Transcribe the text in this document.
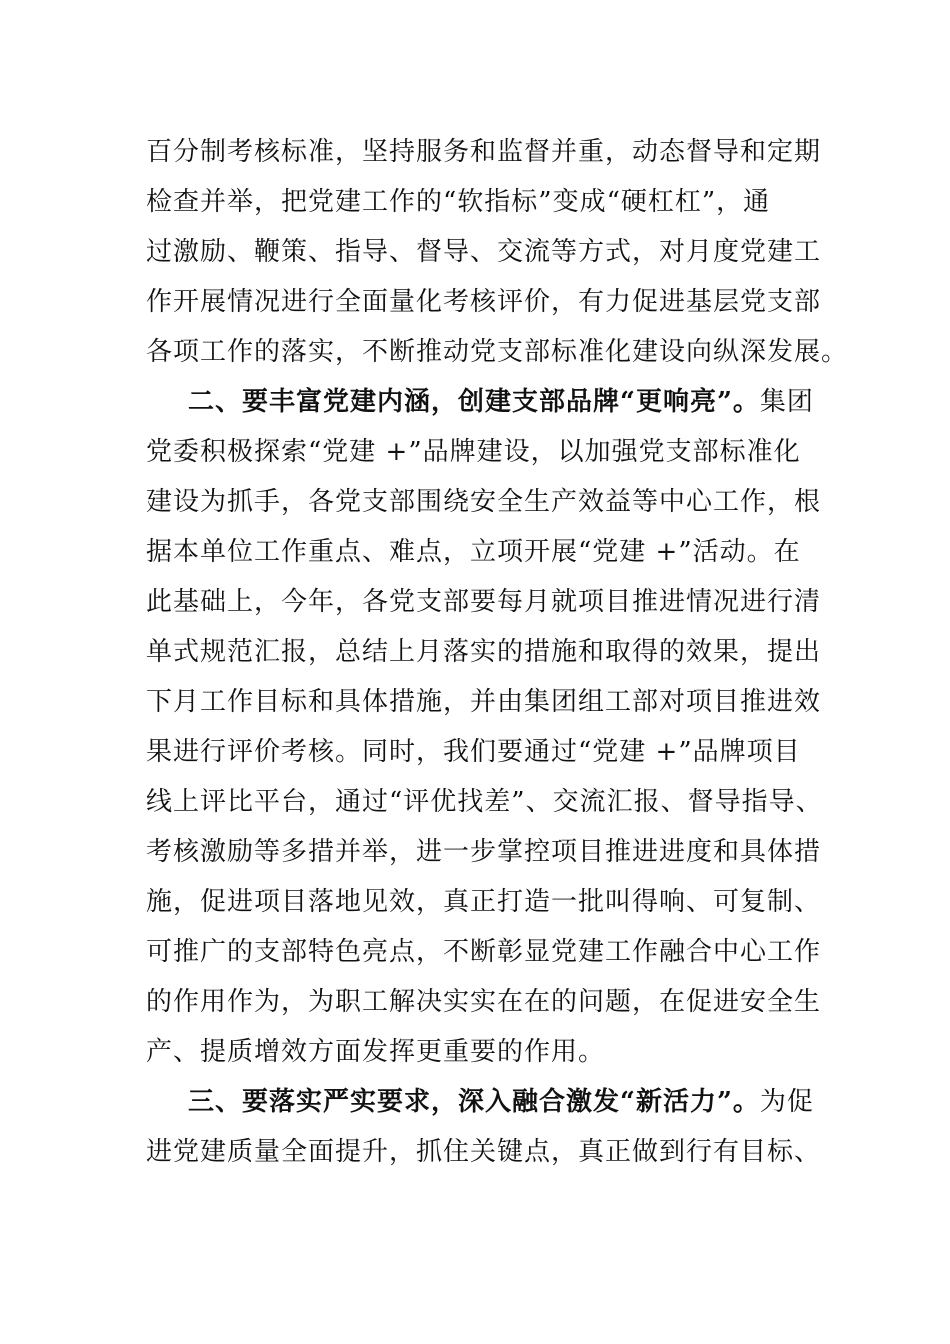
百分制考核标准，坚持服务和监督并重，动态督导和定期
检查并举，把党建工作的“软指标”变成“硬杠杠”，通
过激励、鞭策、指导、督导、交流等方式，对月度党建工
作开展情况进行全面量化考核评价，有力促进基层党支部
各项工作的落实，不断推动党支部标准化建设向纵深发展。
二、要丰富党建内涵，创建支部品牌“更响亮”。集团
党委积极探索“党建 +”品牌建设，以加强党支部标准化
建设为抓手，各党支部围绕安全生产效益等中心工作，根
据本单位工作重点、难点，立项开展“党建 +”活动。在
此基础上，今年，各党支部要每月就项目推进情况进行清
单式规范汇报，总结上月落实的措施和取得的效果，提出
下月工作目标和具体措施，并由集团组工部对项目推进效
果进行评价考核。同时，我们要通过“党建 +”品牌项目
线上评比平台，通过“评优找差”、交流汇报、督导指导、
考核激励等多措并举，进一步掌控项目推进进度和具体措
施，促进项目落地见效，真正打造一批叫得响、可复制、
可推广的支部特色亮点，不断彰显党建工作融合中心工作
的作用作为，为职工解决实实在在的问题，在促进安全生
产、提质增效方面发挥更重要的作用。
三、要落实严实要求，深入融合激发“新活力”。为促
进党建质量全面提升，抓住关键点，真正做到行有目标、
